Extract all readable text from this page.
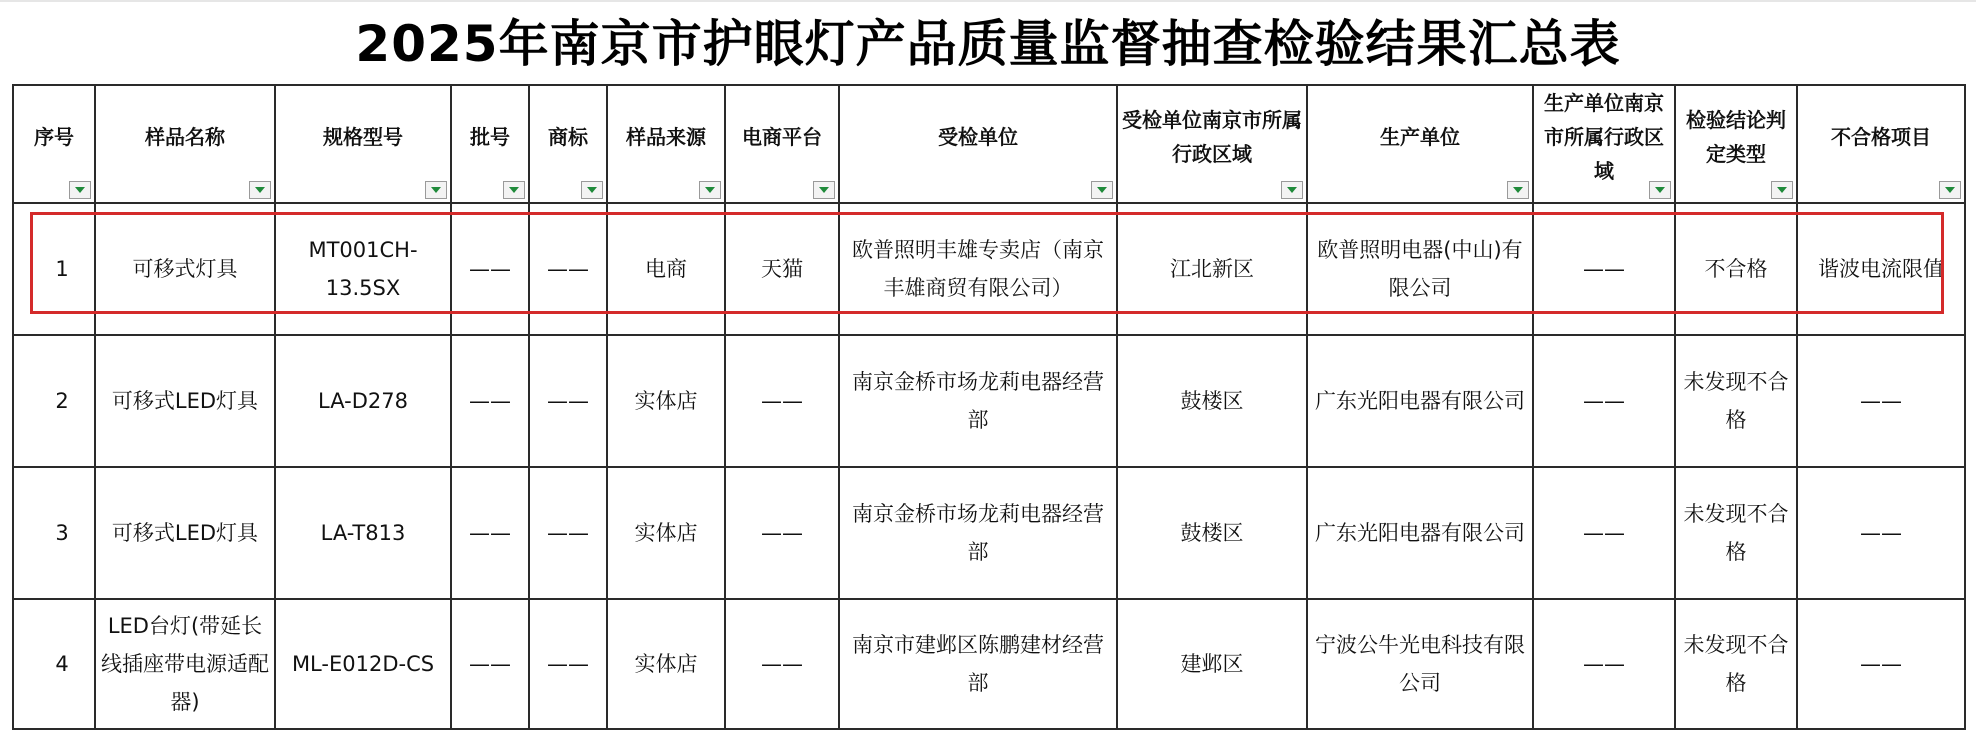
2025年南京市护眼灯产品质量监督抽查检验结果汇总表
序号	样品名称	规格型号	批号	商标	样品来源	电商平台	受检单位	受检单位南京市所属行政区域	生产单位	生产单位南京市所属行政区域	检验结论判定类型	不合格项目

1	可移式灯具	MT001CH-13.5SX	——	——	电商	天猫	欧普照明丰雄专卖店（南京丰雄商贸有限公司）	江北新区	欧普照明电器(中山)有限公司	——	不合格	谐波电流限值
2	可移式LED灯具	LA-D278	——	——	实体店	——	南京金桥市场龙莉电器经营部	鼓楼区	广东光阳电器有限公司	——	未发现不合格	——
3	可移式LED灯具	LA-T813	——	——	实体店	——	南京金桥市场龙莉电器经营部	鼓楼区	广东光阳电器有限公司	——	未发现不合格	——
4	LED台灯(带延长线插座带电源适配器)	ML-E012D-CS	——	——	实体店	——	南京市建邺区陈鹏建材经营部	建邺区	宁波公牛光电科技有限公司	——	未发现不合格	——
